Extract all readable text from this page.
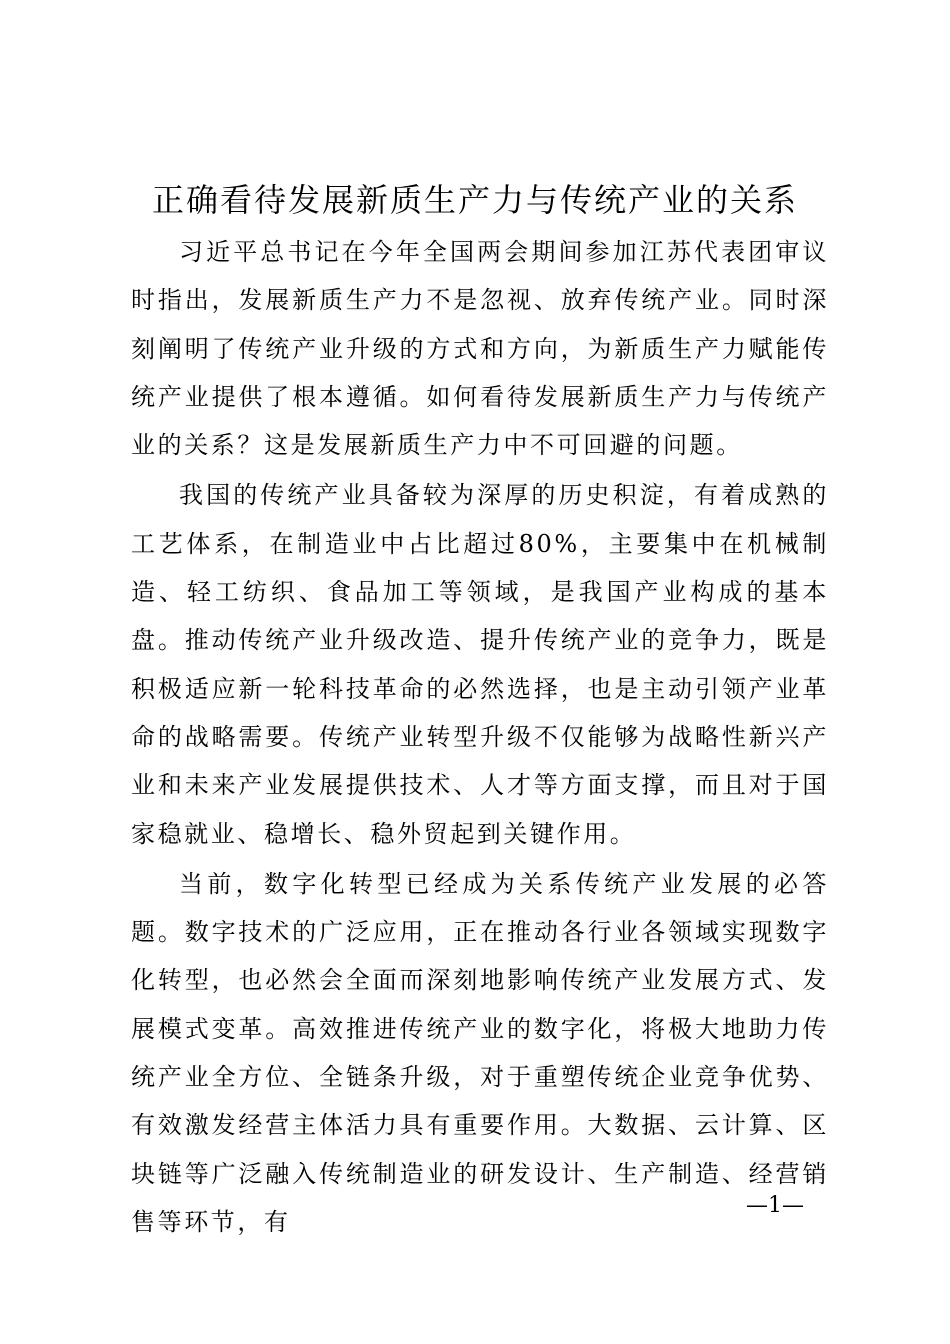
正确看待发展新质生产力与传统产业的关系

习近平总书记在今年全国两会期间参加江苏代表团审议时指出，发展新质生产力不是忽视、放弃传统产业。同时深刻阐明了传统产业升级的方式和方向，为新质生产力赋能传统产业提供了根本遵循。如何看待发展新质生产力与传统产业的关系？这是发展新质生产力中不可回避的问题。

我国的传统产业具备较为深厚的历史积淀，有着成熟的工艺体系，在制造业中占比超过80%，主要集中在机械制造、轻工纺织、食品加工等领域，是我国产业构成的基本盘。推动传统产业升级改造、提升传统产业的竞争力，既是积极适应新一轮科技革命的必然选择，也是主动引领产业革命的战略需要。传统产业转型升级不仅能够为战略性新兴产业和未来产业发展提供技术、人才等方面支撑，而且对于国家稳就业、稳增长、稳外贸起到关键作用。

当前，数字化转型已经成为关系传统产业发展的必答题。数字技术的广泛应用，正在推动各行业各领域实现数字化转型，也必然会全面而深刻地影响传统产业发展方式、发展模式变革。高效推进传统产业的数字化，将极大地助力传统产业全方位、全链条升级，对于重塑传统企业竞争优势、有效激发经营主体活力具有重要作用。大数据、云计算、区块链等广泛融入传统制造业的研发设计、生产制造、经营销售等环节，有

—1—
